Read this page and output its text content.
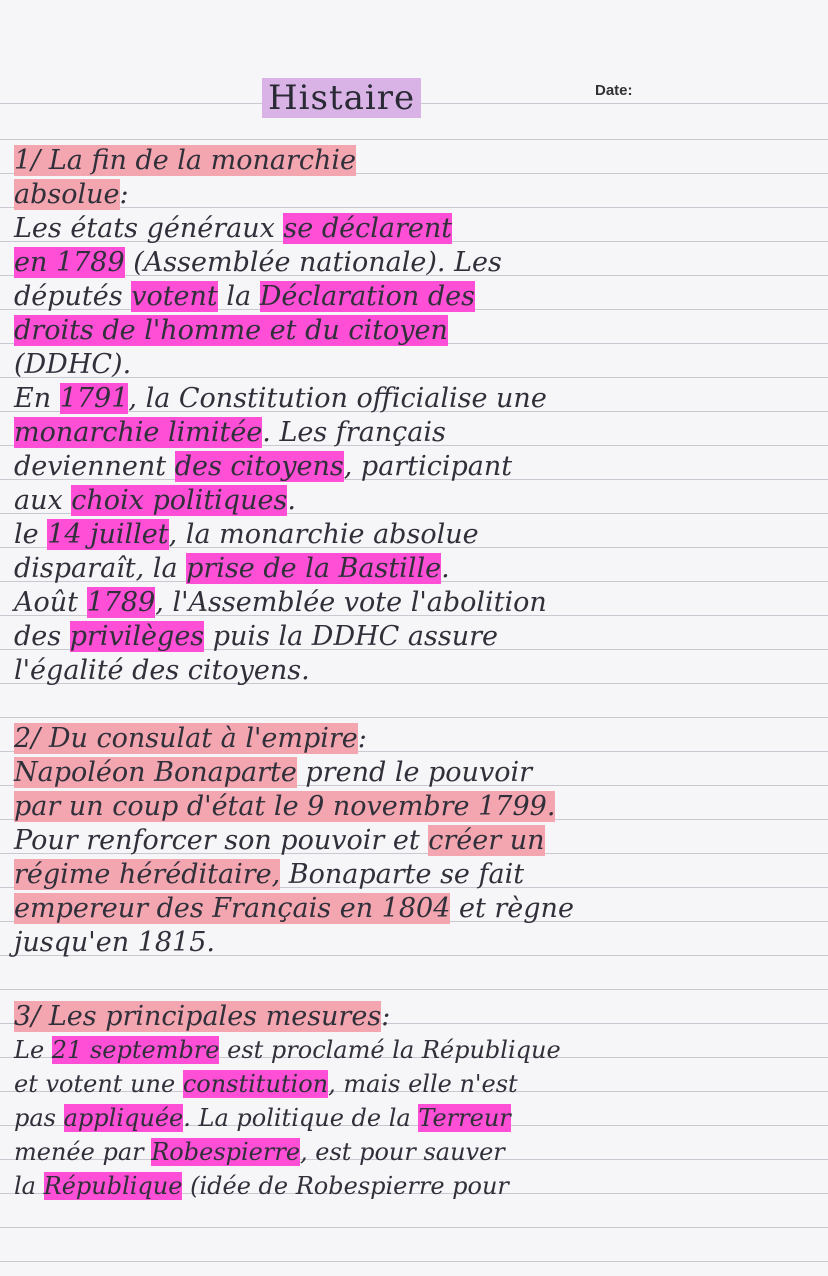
Histaire	Date:
1/ La fin de la monarchie
absolue:
Les états généraux se déclarent
en 1789 (Assemblée nationale). Les
députés votent la Déclaration des
droits de l'homme et du citoyen
(DDHC).
En 1791, la Constitution officialise une
monarchie limitée. Les français
deviennent des citoyens, participant
aux choix politiques.
le 14 juillet, la monarchie absolue
disparaît, la prise de la Bastille.
Août 1789, l'Assemblée vote l'abolition
des privilèges puis la DDHC assure
l'égalité des citoyens.
2/ Du consulat à l'empire:
Napoléon Bonaparte prend le pouvoir
par un coup d'état le 9 novembre 1799.
Pour renforcer son pouvoir et créer un
régime héréditaire, Bonaparte se fait
empereur des Français en 1804 et règne
jusqu'en 1815.
3/ Les principales mesures:
Le 21 septembre est proclamé la République
et votent une constitution, mais elle n'est
pas appliquée. La politique de la Terreur
menée par Robespierre, est pour sauver
la République (idée de Robespierre pour
